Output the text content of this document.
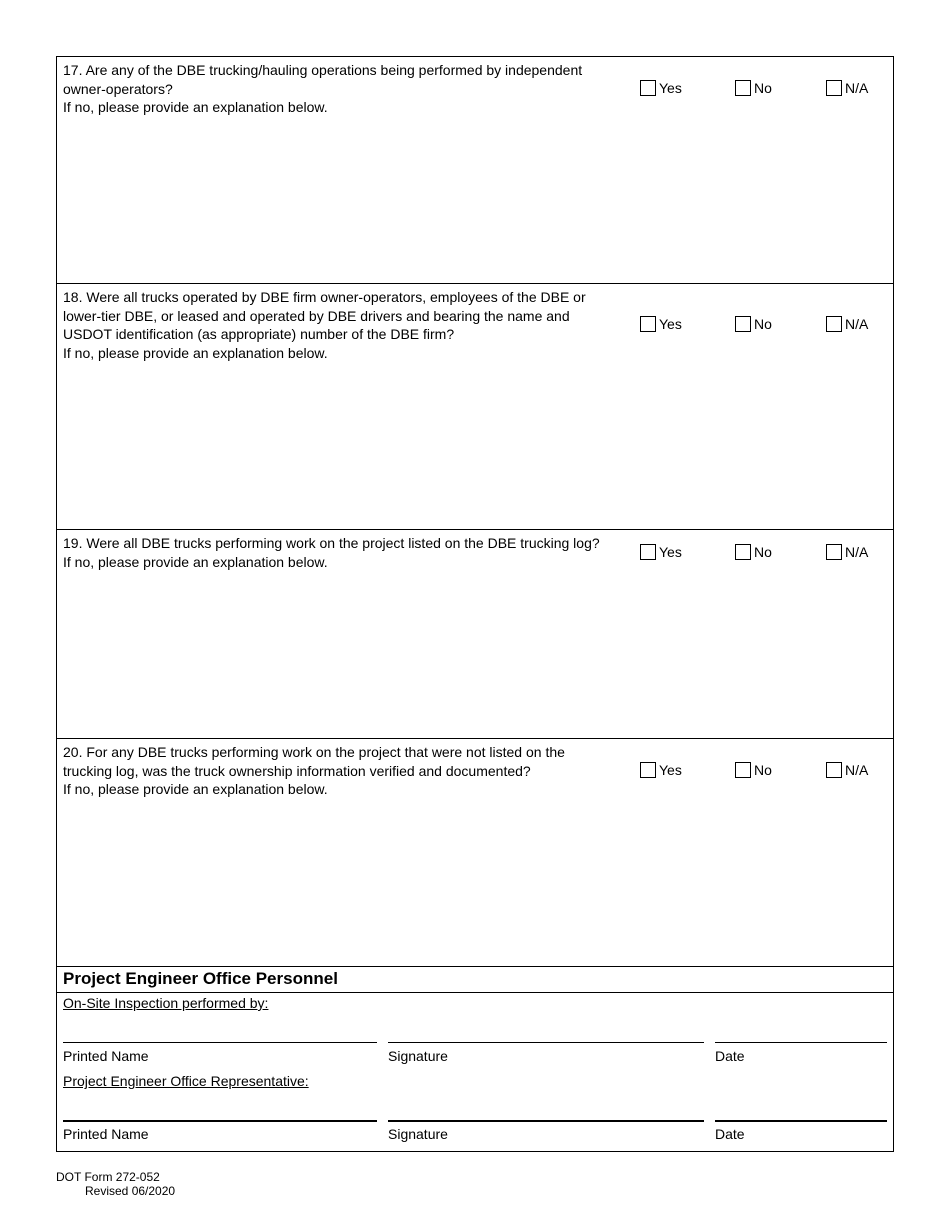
17. Are any of the DBE trucking/hauling operations being performed by independent
owner-operators?
If no, please provide an explanation below.
Yes	No	N/A
18. Were all trucks operated by DBE firm owner-operators, employees of the DBE or
lower-tier DBE, or leased and operated by DBE drivers and bearing the name and
USDOT identification (as appropriate) number of the DBE firm?
If no, please provide an explanation below.
Yes	No	N/A
19. Were all DBE trucks performing work on the project listed on the DBE trucking log?
If no, please provide an explanation below.
Yes	No	N/A
20. For any DBE trucks performing work on the project that were not listed on the
trucking log, was the truck ownership information verified and documented?
If no, please provide an explanation below.
Yes	No	N/A
Project Engineer Office Personnel
On-Site Inspection performed by:
Printed Name	Signature	Date
Project Engineer Office Representative:
Printed Name	Signature	Date
DOT Form 272-052
Revised 06/2020
